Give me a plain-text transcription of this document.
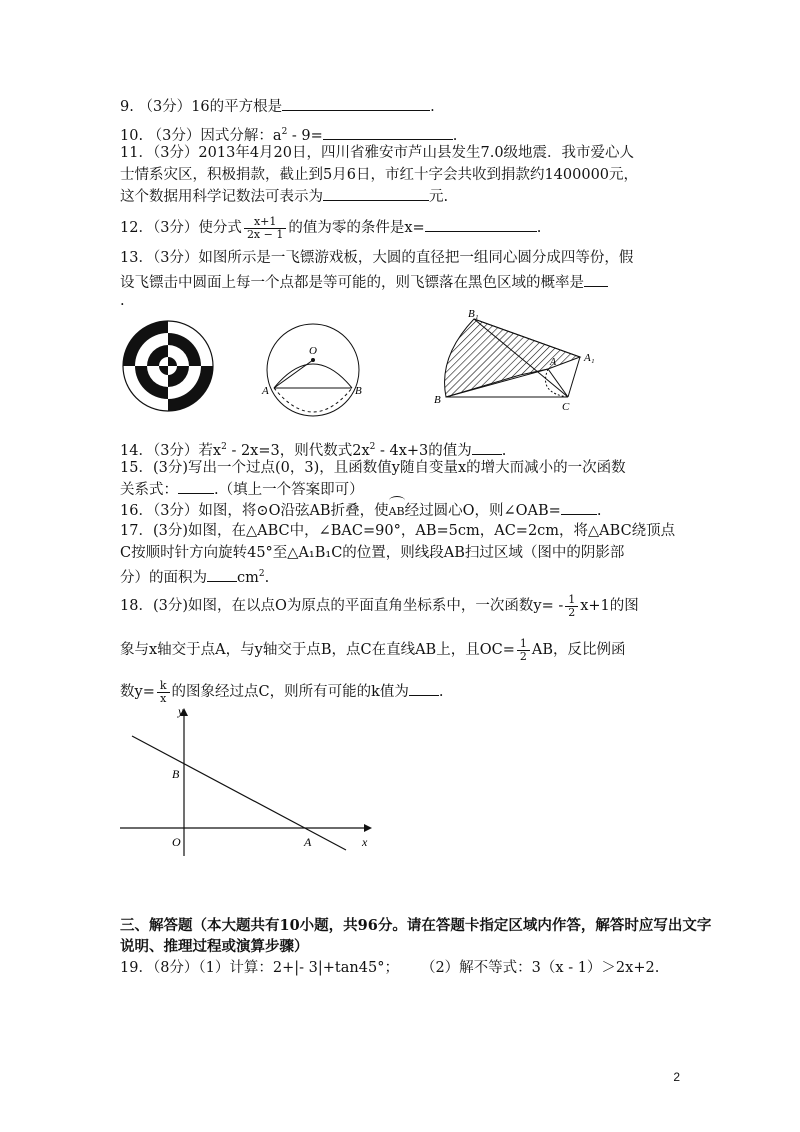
9. （3分）16的平方根是	.
10. （3分）因式分解：$a^2 - 9=$	.
11．（3分）2013年4月20日，四川省雅安市芦山县发生7.0级地震．我市爱心人
士情系灾区，积极捐款，截止到5月6日，市红十字会共收到捐款约1400000元，
这个数据用科学记数法可表示为	元.
12．（3分）使分式 $\frac{x+1}{2x - 1}$ 的值为零的条件是x=	.
13．（3分）如图所示是一飞镖游戏板，大圆的直径把一组同心圆分成四等份，假
设飞镖击中圆面上每一个点都是等可能的，则飞镖落在黑色区域的概率是
.
O
A	B
B₁
A₁
A
B
C
14．（3分）若$x^2 - 2x=3$，则代数式$2x^2 - 4x+3$的值为 .
15．(3分)写出一个过点(0，3)，且函数值y随自变量x的增大而减小的一次函数
关系式： .（填上一个答案即可）
16．（3分）如图，将⊙O沿弦AB折叠，使AB经过圆心O，则∠OAB= .
17．(3分)如图，在△ABC中，∠BAC=90°，AB=5cm，AC=2cm，将△ABC绕顶点
C按顺时针方向旋转45°至△A₁B₁C的位置，则线段AB扫过区域（图中的阴影部
分）的面积为 $cm^2$.
18．(3分)如图，在以点O为原点的平面直角坐标系中，一次函数$y= - \frac{1}{2} x+1$的图
象与x轴交于点A，与y轴交于点B，点C在直线AB上，且$OC= \frac{1}{2}$ AB，反比例函
数$y= \frac{k}{x}$ 的图象经过点C，则所有可能的k值为 .
y
x
O	A
B
三、解答题（本大题共有10小题，共96分。请在答题卡指定区域内作答，解答时应写出文字
说明、推理过程或演算步骤）
19．（8分）（1）计算：2+|- 3|+tan45°； （2）解不等式：3（x - 1）＞2x+2.
2
